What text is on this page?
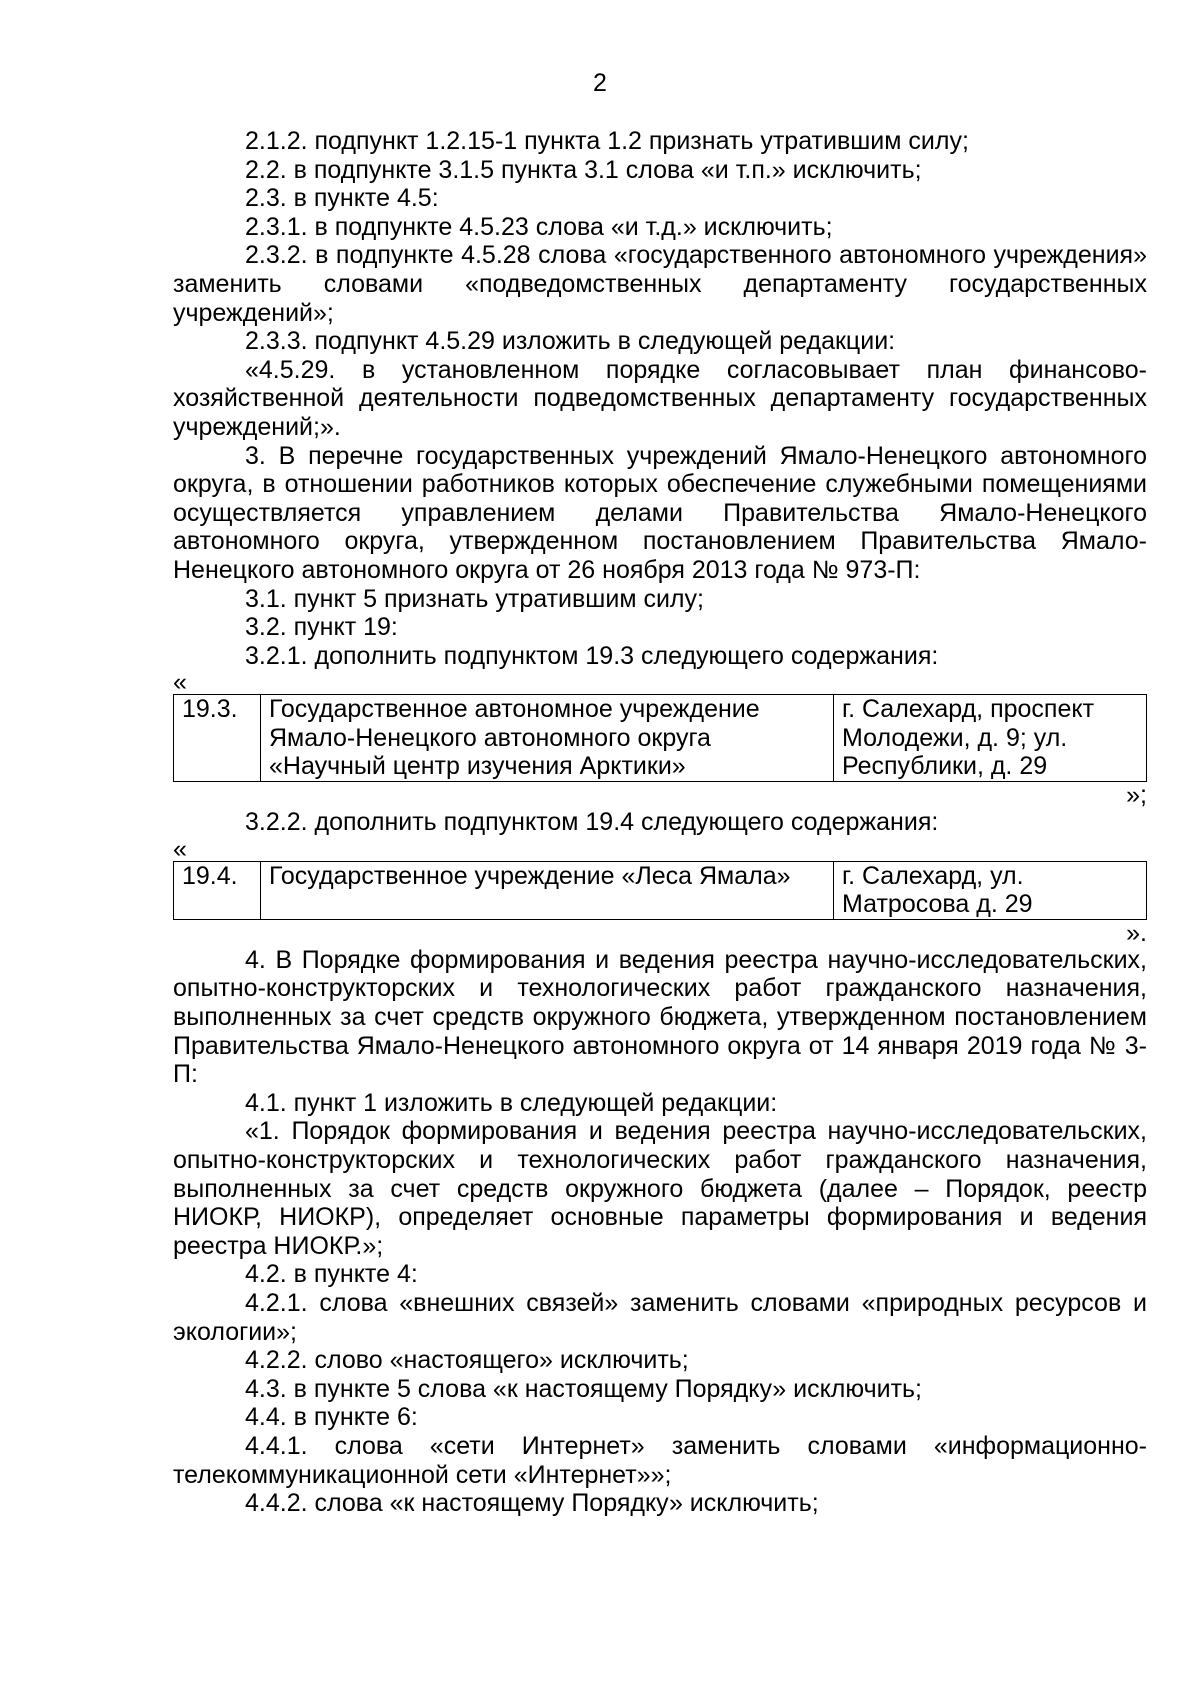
2

2.1.2. подпункт 1.2.15-1 пункта 1.2 признать утратившим силу;

2.2. в подпункте 3.1.5 пункта 3.1 слова «и т.п.» исключить;

2.3. в пункте 4.5:

2.3.1. в подпункте 4.5.23 слова «и т.д.» исключить;

2.3.2. в подпункте 4.5.28 слова «государственного автономного учреждения» заменить словами «подведомственных департаменту государственных учреждений»;

2.3.3. подпункт 4.5.29 изложить в следующей редакции:

«4.5.29. в установленном порядке согласовывает план финансово-хозяйственной деятельности подведомственных департаменту государственных учреждений;».

3. В перечне государственных учреждений Ямало-Ненецкого автономного округа, в отношении работников которых обеспечение служебными помещениями осуществляется управлением делами Правительства Ямало-Ненецкого автономного округа, утвержденном постановлением Правительства Ямало-Ненецкого автономного округа от 26 ноября 2013 года № 973-П:

3.1. пункт 5 признать утратившим силу;

3.2. пункт 19:

3.2.1. дополнить подпунктом 19.3 следующего содержания:

«

19.3.	Государственное автономное учреждение Ямало-Ненецкого автономного округа «Научный центр изучения Арктики»	г. Салехард, проспект Молодежи, д. 9; ул. Республики, д. 29

»;

3.2.2. дополнить подпунктом 19.4 следующего содержания:

«

19.4.	Государственное учреждение «Леса Ямала»	г. Салехард, ул. Матросова д. 29

».

4. В Порядке формирования и ведения реестра научно-исследовательских, опытно-конструкторских и технологических работ гражданского назначения, выполненных за счет средств окружного бюджета, утвержденном постановлением Правительства Ямало-Ненецкого автономного округа от 14 января 2019 года № 3-П:

4.1. пункт 1 изложить в следующей редакции:

«1. Порядок формирования и ведения реестра научно-исследовательских, опытно-конструкторских и технологических работ гражданского назначения, выполненных за счет средств окружного бюджета (далее – Порядок, реестр НИОКР, НИОКР), определяет основные параметры формирования и ведения реестра НИОКР.»;

4.2. в пункте 4:

4.2.1. слова «внешних связей» заменить словами «природных ресурсов и экологии»;

4.2.2. слово «настоящего» исключить;

4.3. в пункте 5 слова «к настоящему Порядку» исключить;

4.4. в пункте 6:

4.4.1. слова «сети Интернет» заменить словами «информационно-телекоммуникационной сети «Интернет»»;

4.4.2. слова «к настоящему Порядку» исключить;
